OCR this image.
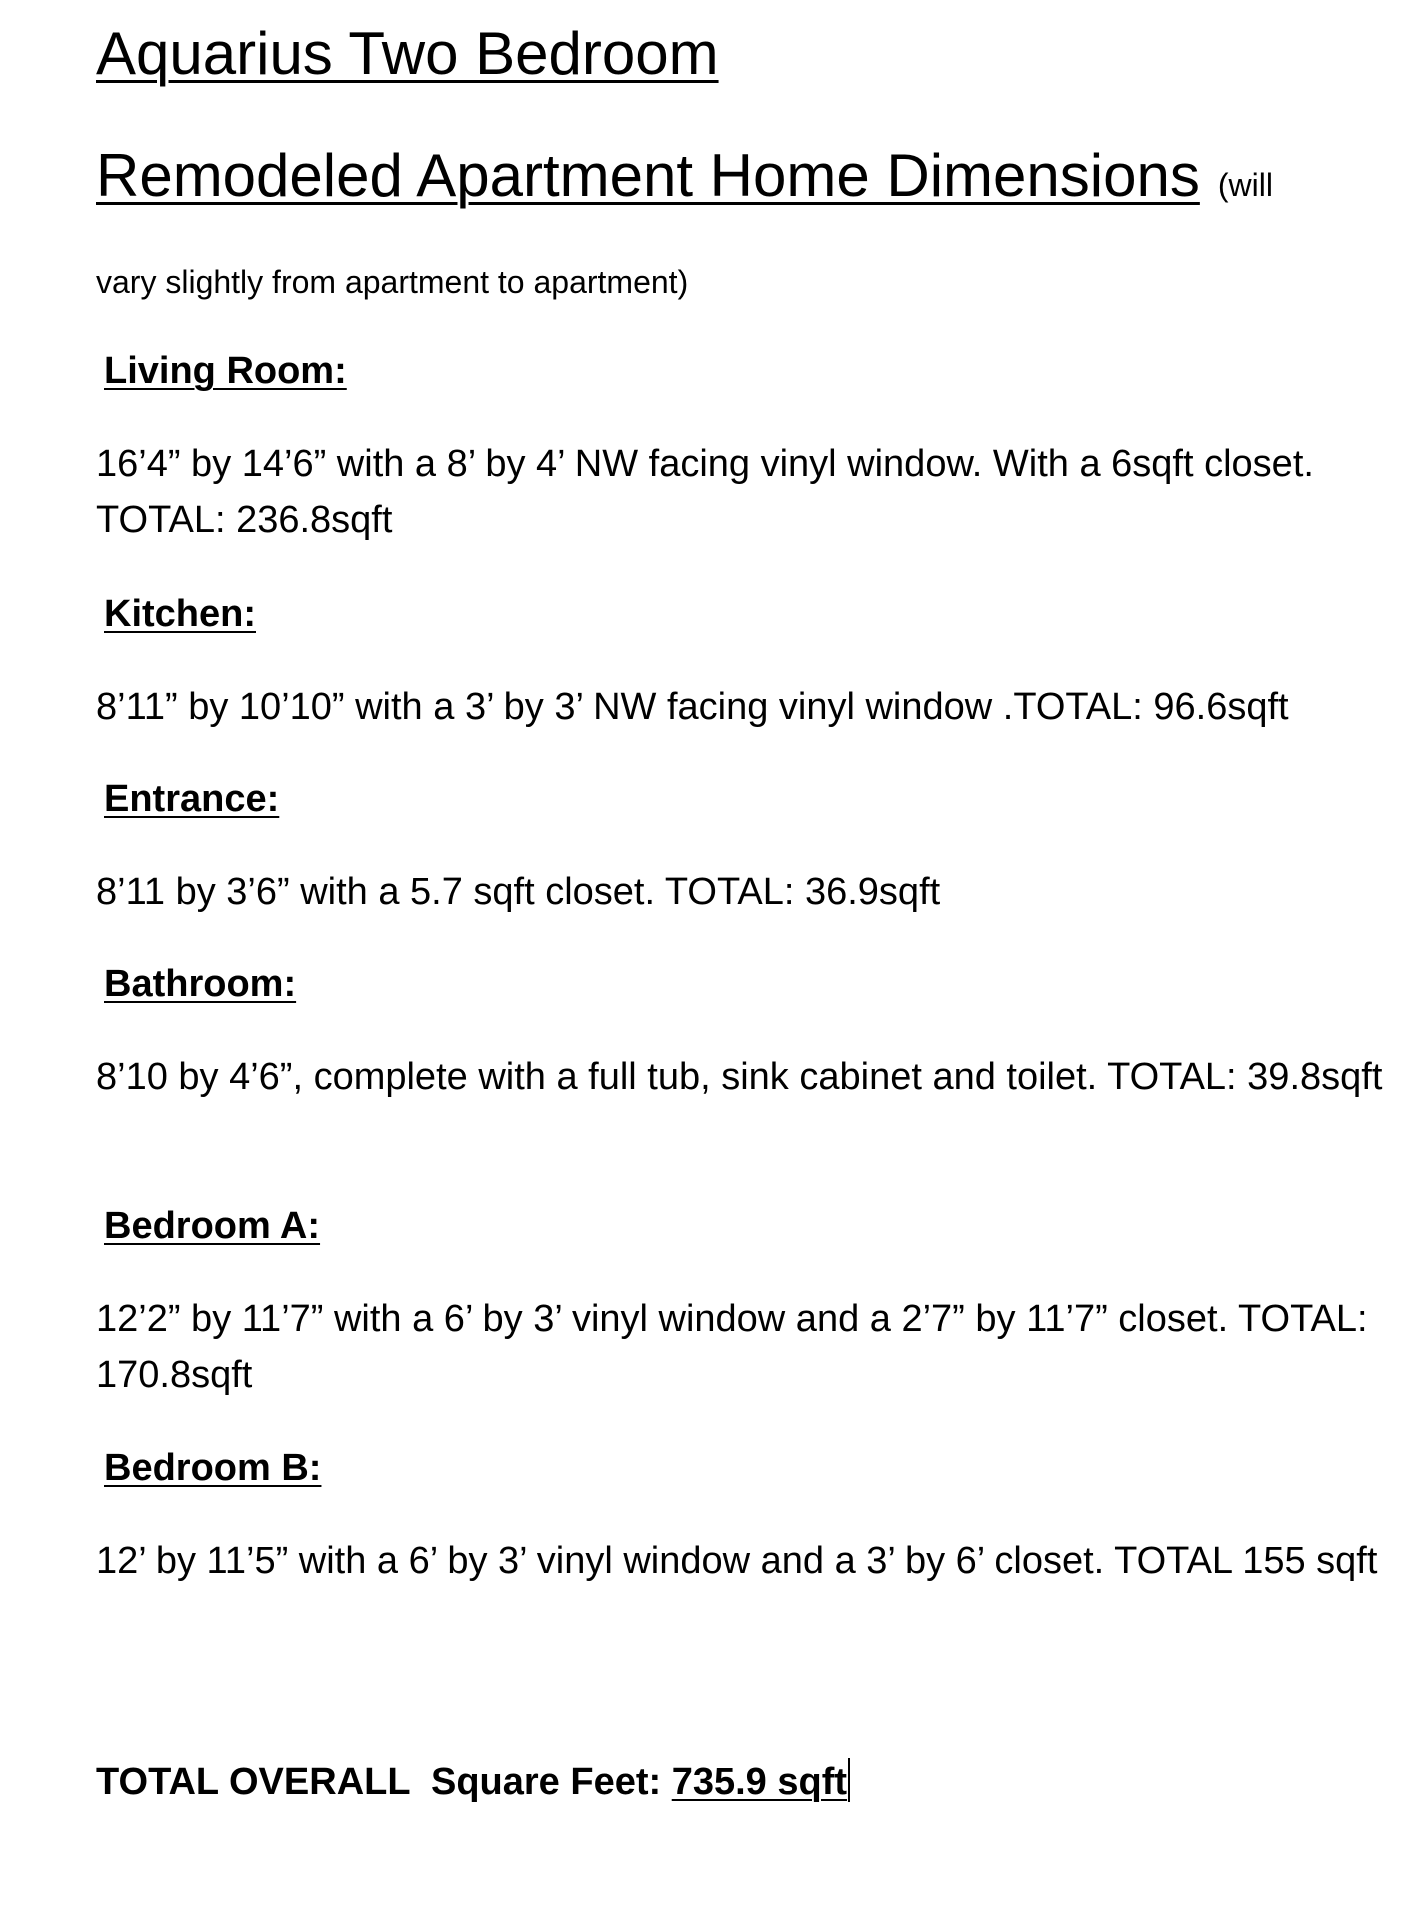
Aquarius Two Bedroom
Remodeled Apartment Home Dimensions (will
vary slightly from apartment to apartment)
Living Room:

16’4” by 14’6” with a 8’ by 4’ NW facing vinyl window. With a 6sqft closet. TOTAL: 236.8sqft

Kitchen:

8’11” by 10’10” with a 3’ by 3’ NW facing vinyl window .TOTAL: 96.6sqft

Entrance:

8’11 by 3’6” with a 5.7 sqft closet. TOTAL: 36.9sqft

Bathroom:

8’10 by 4’6”, complete with a full tub, sink cabinet and toilet. TOTAL: 39.8sqft

Bedroom A:

12’2” by 11’7” with a 6’ by 3’ vinyl window and a 2’7” by 11’7” closet. TOTAL: 170.8sqft

Bedroom B:

12’ by 11’5” with a 6’ by 3’ vinyl window and a 3’ by 6’ closet. TOTAL 155 sqft

TOTAL OVERALL  Square Feet: 735.9 sqft
